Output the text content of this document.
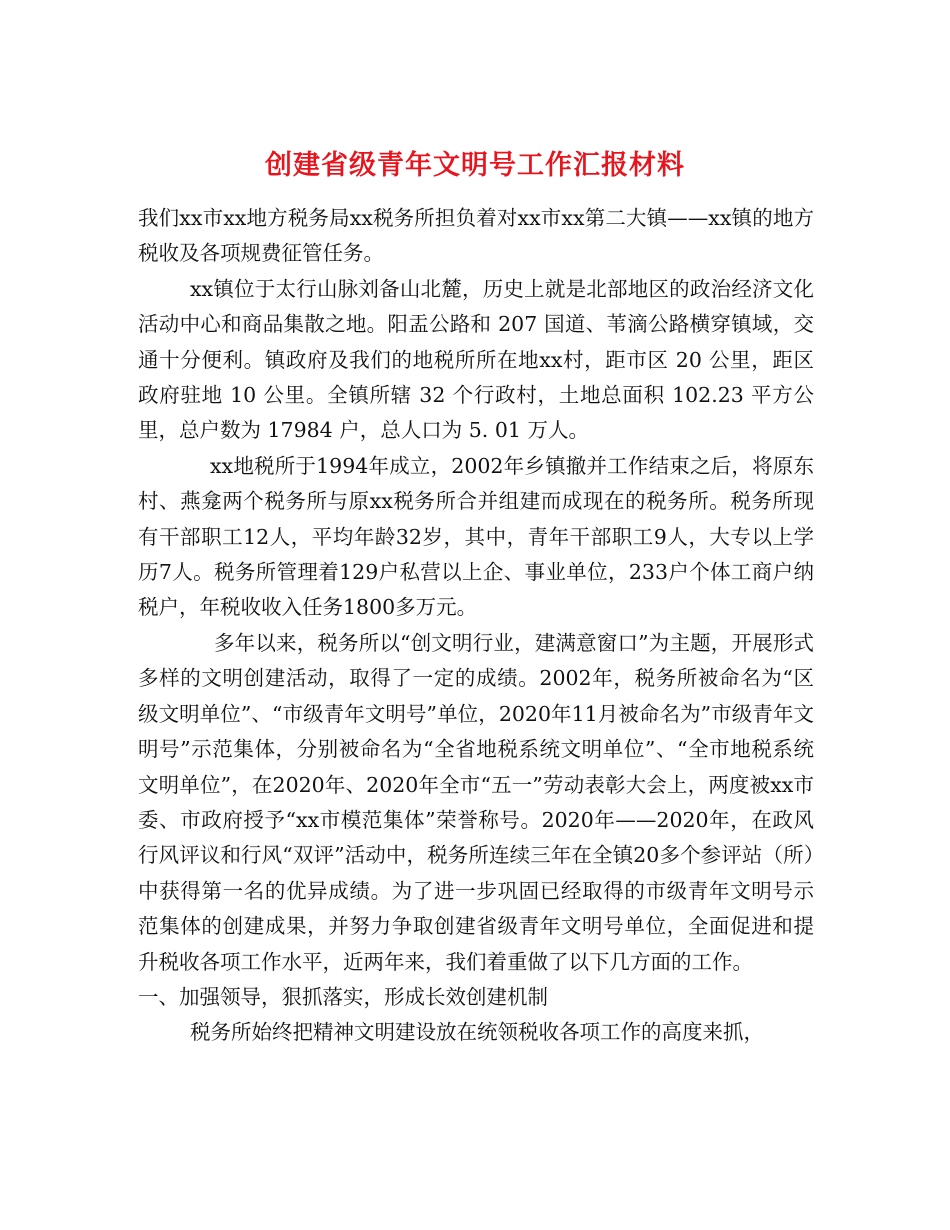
创建省级青年文明号工作汇报材料

我们xx市xx地方税务局xx税务所担负着对xx市xx第二大镇——xx镇的地方税收及各项规费征管任务。

xx镇位于太行山脉刘备山北麓，历史上就是北部地区的政治经济文化活动中心和商品集散之地。阳盂公路和 207 国道、苇滴公路横穿镇域，交通十分便利。镇政府及我们的地税所所在地xx村，距市区 20 公里，距区政府驻地 10 公里。全镇所辖 32 个行政村，土地总面积 102.23 平方公里，总户数为 17984 户，总人口为 5. 01 万人。

xx地税所于1994年成立，2002年乡镇撤并工作结束之后，将原东村、燕龛两个税务所与原xx税务所合并组建而成现在的税务所。税务所现有干部职工12人，平均年龄32岁，其中，青年干部职工9人，大专以上学历7人。税务所管理着129户私营以上企、事业单位，233户个体工商户纳税户，年税收收入任务1800多万元。

多年以来，税务所以“创文明行业，建满意窗口”为主题，开展形式多样的文明创建活动，取得了一定的成绩。2002年，税务所被命名为“区级文明单位”、“市级青年文明号”单位，2020年11月被命名为”市级青年文明号”示范集体，分别被命名为“全省地税系统文明单位”、“全市地税系统文明单位”，在2020年、2020年全市“五一”劳动表彰大会上，两度被xx市委、市政府授予“xx市模范集体”荣誉称号。2020年——2020年，在政风行风评议和行风“双评”活动中，税务所连续三年在全镇20多个参评站（所）中获得第一名的优异成绩。为了进一步巩固已经取得的市级青年文明号示范集体的创建成果，并努力争取创建省级青年文明号单位，全面促进和提升税收各项工作水平，近两年来，我们着重做了以下几方面的工作。

一、加强领导，狠抓落实，形成长效创建机制

税务所始终把精神文明建设放在统领税收各项工作的高度来抓，
